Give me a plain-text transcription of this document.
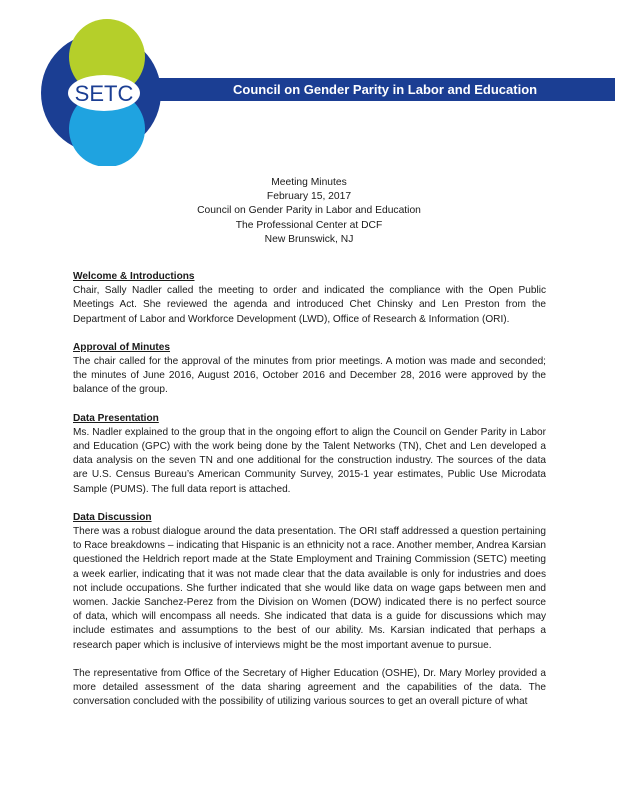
SETC	Council on Gender Parity in Labor and Education
Meeting Minutes
February 15, 2017
Council on Gender Parity in Labor and Education
The Professional Center at DCF
New Brunswick, NJ
Welcome & Introductions

Chair, Sally Nadler called the meeting to order and indicated the compliance with the Open Public Meetings Act. She reviewed the agenda and introduced Chet Chinsky and Len Preston from the Department of Labor and Workforce Development (LWD), Office of Research & Information (ORI).

Approval of Minutes

The chair called for the approval of the minutes from prior meetings. A motion was made and seconded; the minutes of June 2016, August 2016, October 2016 and December 28, 2016 were approved by the balance of the group.

Data Presentation

Ms. Nadler explained to the group that in the ongoing effort to align the Council on Gender Parity in Labor and Education (GPC) with the work being done by the Talent Networks (TN), Chet and Len developed a data analysis on the seven TN and one additional for the construction industry. The sources of the data are U.S. Census Bureau’s American Community Survey, 2015-1 year estimates, Public Use Microdata Sample (PUMS). The full data report is attached.

Data Discussion

There was a robust dialogue around the data presentation. The ORI staff addressed a question pertaining to Race breakdowns – indicating that Hispanic is an ethnicity not a race. Another member, Andrea Karsian questioned the Heldrich report made at the State Employment and Training Commission (SETC) meeting a week earlier, indicating that it was not made clear that the data available is only for industries and does not include occupations. She further indicated that she would like data on wage gaps between men and women. Jackie Sanchez-Perez from the Division on Women (DOW) indicated there is no perfect source of data, which will encompass all needs. She indicated that data is a guide for discussions which may include estimates and assumptions to the best of our ability. Ms. Karsian indicated that perhaps a research paper which is inclusive of interviews might be the most important avenue to pursue.

The representative from Office of the Secretary of Higher Education (OSHE), Dr. Mary Morley provided a more detailed assessment of the data sharing agreement and the capabilities of the data. The conversation concluded with the possibility of utilizing various sources to get an overall picture of what
